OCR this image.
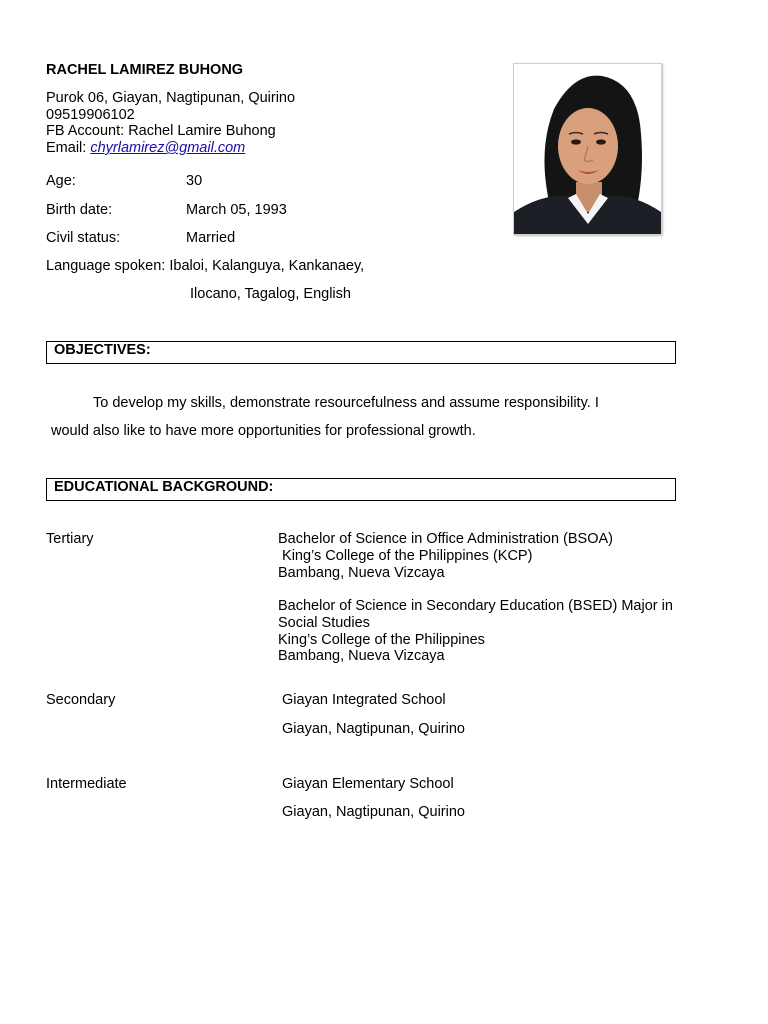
RACHEL LAMIREZ BUHONG
Purok 06, Giayan, Nagtipunan, Quirino
09519906102
FB Account: Rachel Lamire Buhong
Email: chyrlamirez@gmail.com
Age:	30
Birth date:	March 05, 1993
Civil status:	Married
Language spoken: Ibaloi, Kalanguya, Kankanaey,
Ilocano, Tagalog, English
OBJECTIVES:
To develop my skills, demonstrate resourcefulness and assume responsibility. I
would also like to have more opportunities for professional growth.
EDUCATIONAL BACKGROUND:
Tertiary	Bachelor of Science in Office Administration (BSOA)
King’s College of the Philippines (KCP)
Bambang, Nueva Vizcaya
Bachelor of Science in Secondary Education (BSED) Major in
Social Studies
King’s College of the Philippines
Bambang, Nueva Vizcaya
Secondary	Giayan Integrated School
Giayan, Nagtipunan, Quirino
Intermediate	Giayan Elementary School
Giayan, Nagtipunan, Quirino
